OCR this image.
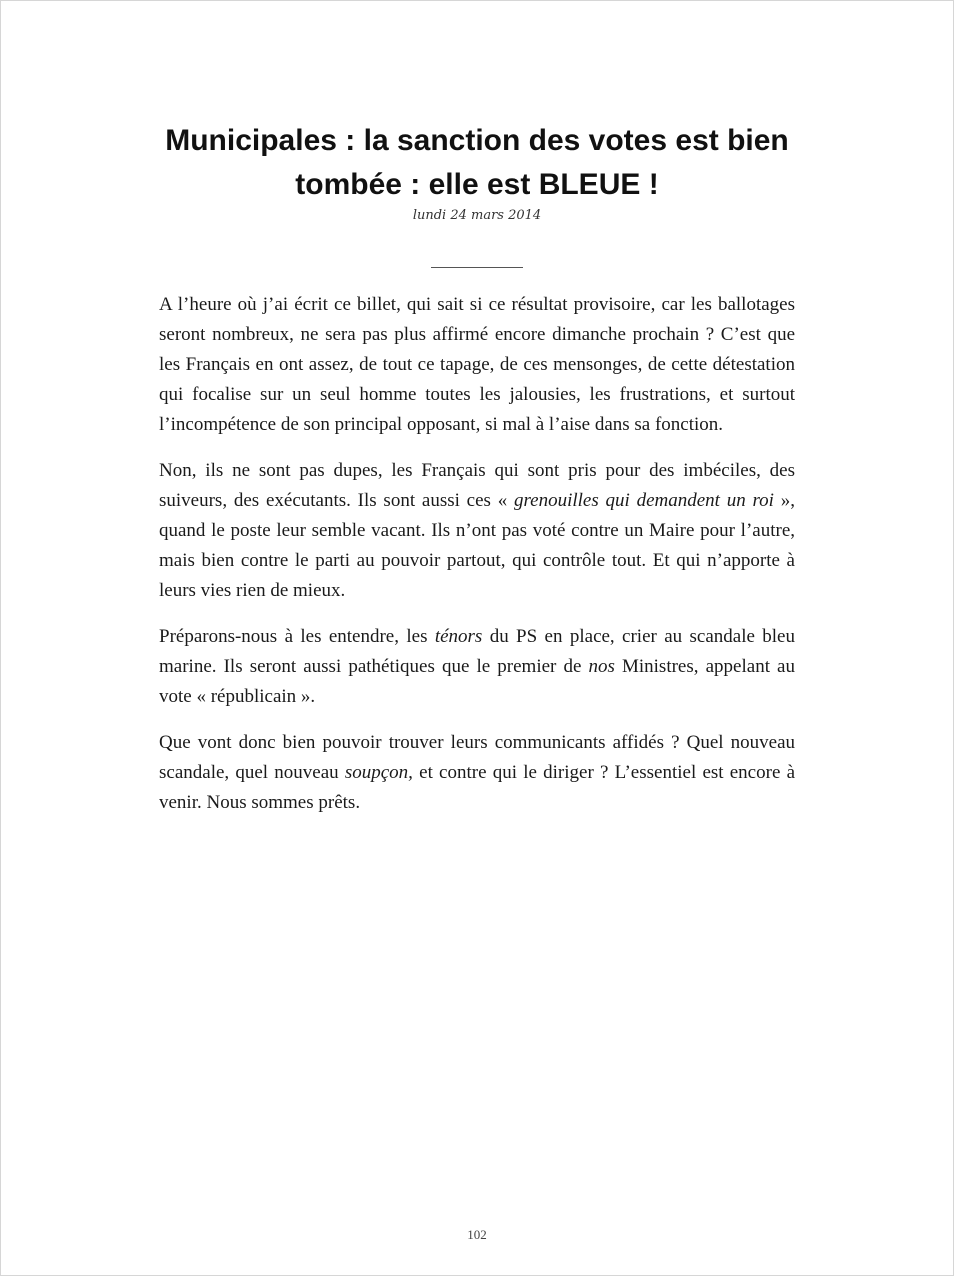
Municipales : la sanction des votes est bien tombée : elle est BLEUE !
lundi 24 mars 2014

A l’heure où j’ai écrit ce billet, qui sait si ce résultat provisoire, car les ballotages seront nombreux, ne sera pas plus affirmé encore dimanche prochain ? C’est que les Français en ont assez, de tout ce tapage, de ces mensonges, de cette détestation qui focalise sur un seul homme toutes les jalousies, les frustrations, et surtout l’incompétence de son principal opposant, si mal à l’aise dans sa fonction.

Non, ils ne sont pas dupes, les Français qui sont pris pour des imbéciles, des suiveurs, des exécutants. Ils sont aussi ces « grenouilles qui demandent un roi », quand le poste leur semble vacant. Ils n’ont pas voté contre un Maire pour l’autre, mais bien contre le parti au pouvoir partout, qui contrôle tout. Et qui n’apporte à leurs vies rien de mieux.

Préparons-nous à les entendre, les ténors du PS en place, crier au scandale bleu marine. Ils seront aussi pathétiques que le premier de nos Ministres, appelant au vote « républicain ».

Que vont donc bien pouvoir trouver leurs communicants affidés ? Quel nouveau scandale, quel nouveau soupçon, et contre qui le diriger ? L’essentiel est encore à venir. Nous sommes prêts.

102
